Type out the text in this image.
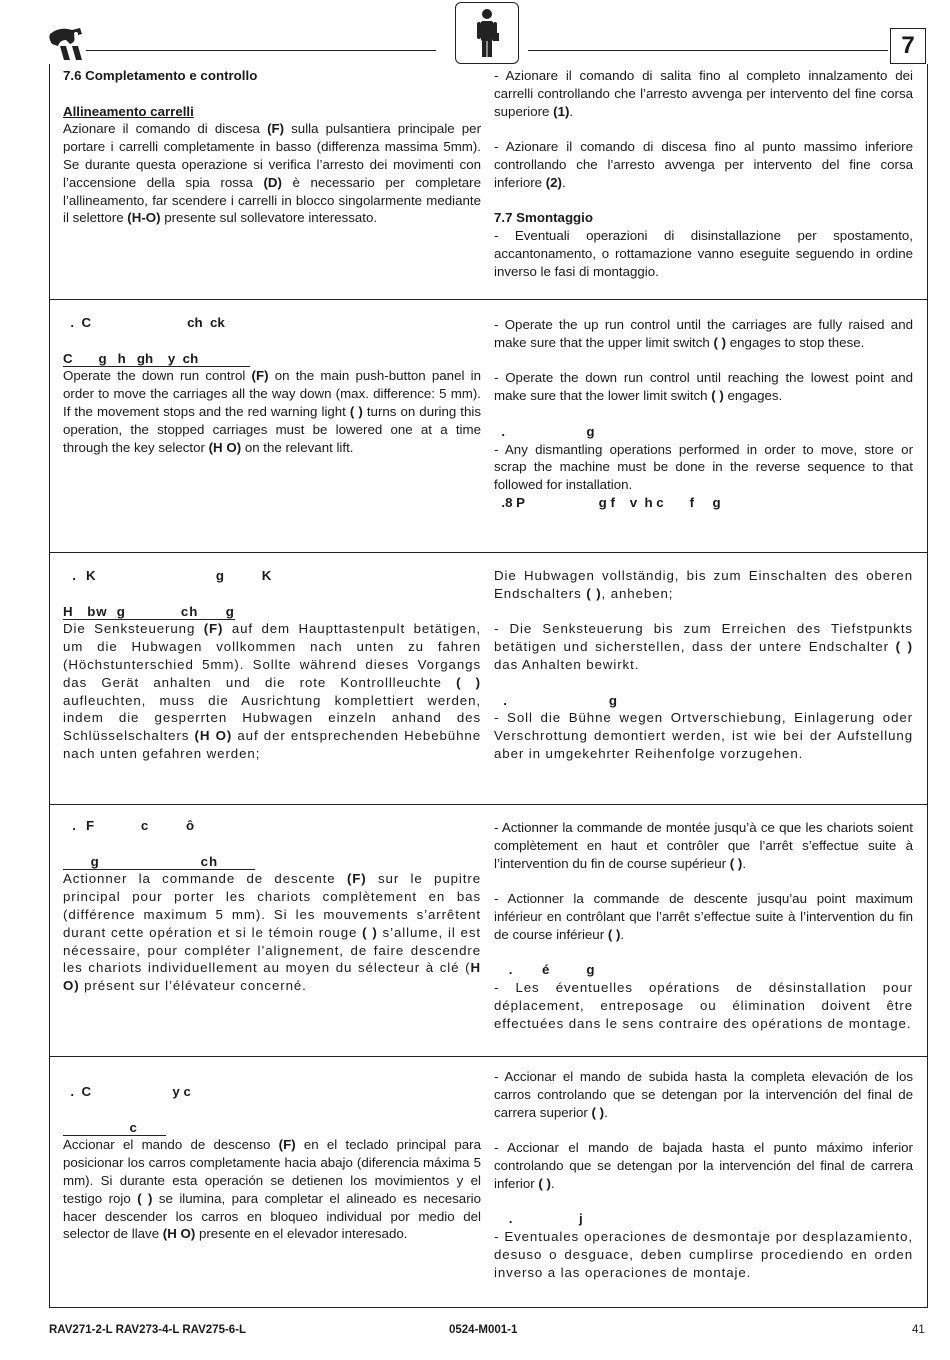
7

7.6 Completamento e controllo

Allineamento carrelli

Azionare il comando di discesa (F) sulla pulsantiera principale per portare i carrelli completamente in basso (differenza massima 5mm). Se durante questa operazione si verifica l’arresto dei movimenti con l’accensione della spia rossa (D) è necessario per completare l’allineamento, far scendere i carrelli in blocco singolarmente mediante il selettore (H-O) presente sul sollevatore interessato.

- Azionare il comando di salita fino al completo innalzamento dei carrelli controllando che l’arresto avvenga per intervento del fine corsa superiore (1).

- Azionare il comando di discesa fino al punto massimo inferiore controllando che l’arresto avvenga per intervento del fine corsa inferiore (2).

7.7 Smontaggio

- Eventuali operazioni di disinstallazione per spostamento, accantonamento, o rottamazione vanno eseguite seguendo in ordine inverso le fasi di montaggio.

.  C                          ch  ck

C       g   h   gh    y  ch

Operate the down run control (F) on the main push-button panel in order to move the carriages all the way down (max. difference: 5 mm). If the movement stops and the red warning light ( ) turns on during this operation, the stopped carriages must be lowered one at a time through the key selector (H O) on the relevant lift.

- Operate the up run control until the carriages are fully raised and make sure that the upper limit switch ( ) engages to stop these.

- Operate the down run control until reaching the lowest point and make sure that the lower limit switch ( ) engages.

.                      g

- Any dismantling operations performed in order to move, store or scrap the machine must be done in the reverse sequence to that followed for installation.

.8 P                    g f    v  h c       f     g

.  K                          g        K

H   bw  g            ch      g

Die Senksteuerung (F) auf dem Haupttastenpult betätigen, um die Hubwagen vollkommen nach unten zu fahren (Höchstunterschied 5mm). Sollte während dieses Vorgangs das Gerät anhalten und die rote Kontrollleuchte ( ) aufleuchten, muss die Ausrichtung komplettiert werden, indem die gesperrten Hubwagen einzeln anhand des Schlüsselschalters (H O) auf der entsprechenden Hebebühne nach unten gefahren werden;

Die Hubwagen vollständig, bis zum Einschalten des oberen Endschalters ( ), anheben;

- Die Senksteuerung bis zum Erreichen des Tiefstpunkts betätigen und sicherstellen, dass der untere Endschalter ( ) das Anhalten bewirkt.

.                      g

- Soll die Bühne wegen Ortverschiebung, Einlagerung oder Verschrottung demontiert werden, ist wie bei der Aufstellung aber in umgekehrter Reihenfolge vorzugehen.

.  F          c        ô

g                      ch

Actionner la commande de descente (F) sur le pupitre principal pour porter les chariots complètement en bas (différence maximum 5 mm). Si les mouvements s’arrêtent durant cette opération et si le témoin rouge ( ) s’allume, il est nécessaire, pour compléter l’alignement, de faire descendre les chariots individuellement au moyen du sélecteur à clé (H O) présent sur l’élévateur concerné.

- Actionner la commande de montée jusqu’à ce que les chariots soient complètement en haut et contrôler que l’arrêt s’effectue suite à l’intervention du fin de course supérieur ( ).

- Actionner la commande de descente jusqu’au point maximum inférieur en contrôlant que l’arrêt s’effectue suite à l’intervention du fin de course inférieur ( ).

.        é          g

- Les éventuelles opérations de désinstallation pour déplacement, entreposage ou élimination doivent être effectuées dans le sens contraire des opérations de montage.

.  C                      y c

c

Accionar el mando de descenso (F) en el teclado principal para posicionar los carros completamente hacia abajo (diferencia máxima 5 mm). Si durante esta operación se detienen los movimientos y el testigo rojo ( ) se ilumina, para completar el alineado es necesario hacer descender los carros en bloqueo individual por medio del selector de llave (H O) presente en el elevador interesado.

- Accionar el mando de subida hasta la completa elevación de los carros controlando que se detengan por la intervención del final de carrera superior ( ).

- Accionar el mando de bajada hasta el punto máximo inferior controlando que se detengan por la intervención del final de carrera inferior ( ).

.                  j

- Eventuales operaciones de desmontaje por desplazamiento, desuso o desguace, deben cumplirse procediendo en orden inverso a las operaciones de montaje.

RAV271-2-L RAV273-4-L RAV275-6-L	0524-M001-1	41
